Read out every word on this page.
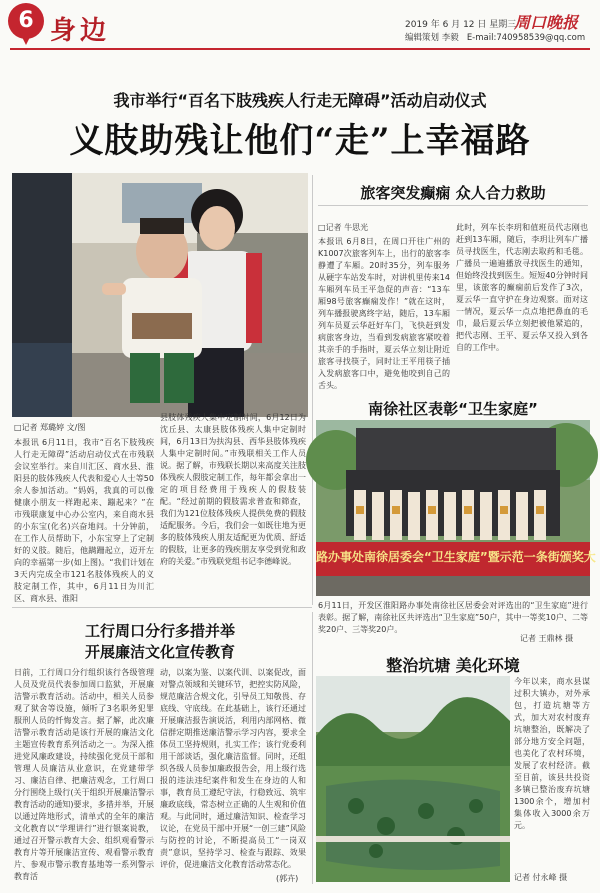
6 身边	2019 年 6 月 12 日 星期三
编辑策划 李毅 E-mail:740958539@qq.com
周口晚报
我市举行“百名下肢残疾人行走无障碍”活动启动仪式
义肢助残让他们“走”上幸福路
□记者 郑璐婷 文/图
本报讯 6月11日，我市“百名下肢残疾人行走无障碍”活动启动仪式在市残联会议室举行。来自川汇区、商水县、淮阳县的肢体残疾人代表和爱心人士等50余人参加活动。“妈妈，我真的可以像健康小朋友一样跑起来、蹦起来？”在市残联康复中心办公室内，来自商水县的小东宝(化名)兴奋地问。十分钟前，在工作人员帮助下，小东宝穿上了定制好的义肢。随后，他蹒跚起立，迈开左向的幸福第一步(如上图)。“我们计划在3天内完成全市121名肢体残疾人的义肢定制工作，其中，6月11日为川汇区、商水县、淮阳
县肢体残疾人集中定制时间，6月12日为沈丘县、太康县肢体残疾人集中定制时间，6月13日为扶沟县、西华县肢体残疾人集中定制时间。”市残联相关工作人员说。据了解，市残联长期以来高度关注肢体残疾人假肢定制工作，每年都会拿出一定的项目经费用于残疾人的假肢装配。“经过前期的假肢需求普查和筛查，我们为121位肢体残疾人提供免费的假肢适配服务。今后，我们会一如既往地为更多的肢体残疾人朋友适配更为优质、舒适的假肢，让更多的残疾朋友享受到党和政府的关爱。”市残联党组书记李德峰说。
旅客突发癫痫 众人合力救助
□记者 牛思光
本报讯 6月8日，在周口开往广州的K1007次旅客列车上，出行的旅客李静遭了车厢。20时35分，列车服务从硬字车站发车时，对讲机里传来14车厢列车员王平急促的声音：“13车厢98号旅客癫痫发作！”就在这时，列车播报驶离终字站，随后，13车厢列车员夏云华赶好车门，飞快赶到发病旅客身边，当看到发病旅客紧咬着其亲手的手指时，夏云华立刻让附近旅客寻找筷子，同时让王平用筷子插入发病旅客口中，避免他咬到自己的舌头。
此时，列车长李玥和值班员代志刚也赶到13车厢，随后，李玥让列车广播员寻找医生，代志刚去取药和毛毯。广播员一遍遍播放寻找医生的通知，但始终没找到医生。短短40分钟时间里，该旅客的癫痫前后发作了3次，夏云华一直守护在身边观察。面对这一情况，夏云华一点点地把鼻血的毛巾，最后夏云华立刻把被他紧追的，把代志刚、王平、夏云华又投入到各自的工作中。
南徐社区表彰“卫生家庭”
路办事处南徐居委会“卫生家庭”暨示范一条街颁奖大
6月11日，开发区淮阳路办事处南徐社区居委会对评选出的“卫生家庭”进行表彰。据了解，南徐社区共评选出“卫生家庭”50户，其中一等奖10户、二等奖20户、三等奖20户。
记者 王鼎林 摄
工行周口分行多措并举
开展廉洁文化宣传教育
日前，工行周口分行组织该行各级管理人员及党员代表参加周口监狱，开展廉洁警示教育活动。活动中，相关人员参观了狱舍等设施，倾听了3名职务犯罪服刑人员的忏悔发言。据了解，此次廉洁警示教育活动是该行开展的廉洁文化主题宣传教育系列活动之一。为深入推进党风廉政建设，持续强化党员干部和管理人员廉洁从业意识，在党建带学习、廉洁自律、把廉洁观念，工行周口分行围绕上级行(关于组织开展廉洁警示教育活动的通知)要求，多措并举，开展以通过阵地形式，清单式的全年的廉洁文化教育以“学理讲行”进行银案说教，通过召开警示教育大会、组织观看警示教育片等开展廉洁宣传、观看警示教育片、参观市警示教育基地等一系列警示教育活
动，以案为鉴、以案代训、以案促改，面对警点领域和关键环节，把控实防风险，规范廉洁合规文化，引导员工知敬畏、存底线、守底线。在此基础上，该行还通过开展廉洁报告演说活，利用内部网格、微信群定期推送廉洁警示学习内容，要求全体员工坚持规则，扎实工作；该行党委利用干部谈话，强化廉洁监督。同时，还组织各级人员参加廉政报告会，用上级行选报的违法违纪案件和发生在身边的人和事，教育员工遵纪守法，行稳致远、筑牢廉政底线，常态树立正确的人生观和价值观。与此同时，通过廉洁知识、检查学习议论，在党员干部中开展“一创三建”风险与防控的讨论，不断提高员工“一岗双责”意识，坚持学习、检查与跟踪、效果评价，促进廉洁文化教育活动常态化。
(郭卉)
整治坑塘 美化环境
今年以来，商水县谋过积大镇办，对外承包，打造坑塘等方式，加大对农村废弃坑塘整治，既解决了部分地方安全问题，也美化了农村环境，发展了农村经济。截至目前，该县共投资多镇已整治废弃坑塘1300余个，增加村集体收入3000余万元。
记者 付永峰 摄
